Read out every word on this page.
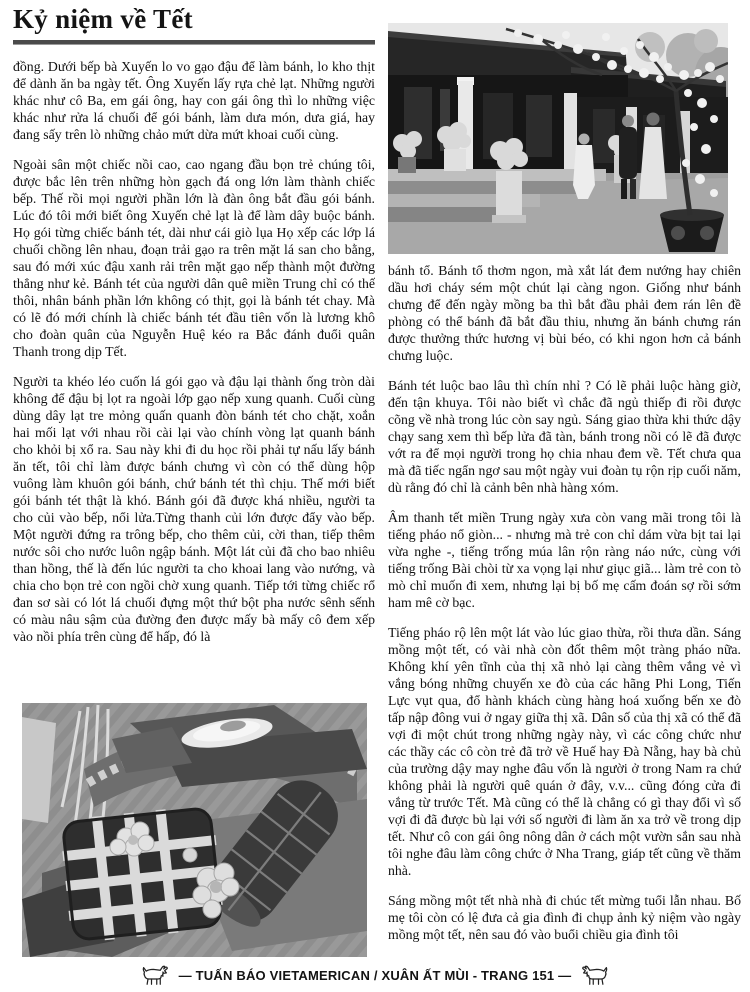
Kỷ niệm về Tết

đồng. Dưới bếp bà Xuyến lo vo gạo đậu để làm bánh, lo kho thịt để dành ăn ba ngày tết. Ông Xuyến lấy rựa chẻ lạt. Những người khác như cô Ba, em gái ông, hay con gái ông thì lo những việc khác như rửa lá chuối để gói bánh, làm dưa món, dưa giá, hay đang sấy trên lò những chảo mứt dừa mứt khoai cuối cùng.

Ngoài sân một chiếc nồi cao, cao ngang đầu bọn trẻ chúng tôi, được bắc lên trên những hòn gạch đá ong lớn làm thành chiếc bếp. Thế rồi mọi người phần lớn là đàn ông bắt đầu gói bánh. Lúc đó tôi mới biết ông Xuyến chẻ lạt là để làm dây buộc bánh. Họ gói từng chiếc bánh tét, dài như cái giò lụa Họ xếp các lớp lá chuối chồng lên nhau, đoạn trải gạo ra trên mặt lá san cho bằng, sau đó mới xúc đậu xanh rải trên mặt gạo nếp thành một đường thẳng như kẻ. Bánh tét của người dân quê miền Trung chỉ có thế thôi, nhân bánh phần lớn không có thịt, gọi là bánh tét chay. Mà có lẽ đó mới chính là chiếc bánh tét đầu tiên vốn là lương khô cho đoàn quân của Nguyễn Huệ kéo ra Bắc đánh đuổi quân Thanh trong dịp Tết.

Người ta khéo léo cuốn lá gói gạo và đậu lại thành ống tròn dài không để đậu bị lọt ra ngoài lớp gạo nếp xung quanh. Cuối cùng dùng dây lạt tre mỏng quấn quanh đòn bánh tét cho chặt, xoắn hai mối lạt với nhau rồi cài lại vào chính vòng lạt quanh bánh cho khỏi bị xổ ra. Sau này khi đi du học rồi phải tự nấu lấy bánh ăn tết, tôi chỉ làm được bánh chưng vì còn có thể dùng hộp vuông làm khuôn gói bánh, chứ bánh tét thì chịu. Thế mới biết gói bánh tét thật là khó. Bánh gói đã được khá nhiều, người ta cho củi vào bếp, nổi lửa.Từng thanh củi lớn được đẩy vào bếp. Một người đứng ra trông bếp, cho thêm củi, cời than, tiếp thêm nước sôi cho nước luôn ngập bánh. Một lát củi đã cho bao nhiêu than hồng, thế là đến lúc người ta cho khoai lang vào nướng, và chia cho bọn trẻ con ngồi chờ xung quanh. Tiếp tới từng chiếc rổ đan sơ sài có lót lá chuối đựng một thứ bột pha nước sênh sếnh có màu nâu sậm của đường đen được mấy bà mấy cô đem xếp vào nồi phía trên cùng để hấp, đó là

bánh tổ. Bánh tổ thơm ngon, mà xắt lát đem nướng hay chiên dầu hơi cháy sém một chút lại càng ngon. Giống như bánh chưng để đến ngày mồng ba thì bắt đầu phải đem rán lên đề phòng có thể bánh đã bắt đầu thiu, nhưng ăn bánh chưng rán được thưởng thức hương vị bùi béo, có khi ngon hơn cả bánh chưng luộc.

Bánh tét luộc bao lâu thì chín nhỉ ? Có lẽ phải luộc hàng giờ, đến tận khuya. Tôi nào biết vì chắc đã ngủ thiếp đi rồi được cõng về nhà trong lúc còn say ngủ. Sáng giao thừa khi thức dậy chạy sang xem thì bếp lửa đã tàn, bánh trong nồi có lẽ đã được vớt ra để mọi người trong họ chia nhau đem về. Tết chưa qua mà đã tiếc ngẩn ngơ sau một ngày vui đoàn tụ rộn rịp cuối năm, dù rằng đó chỉ là cảnh bên nhà hàng xóm.

Âm thanh tết miền Trung ngày xưa còn vang mãi trong tôi là tiếng pháo nổ giòn... - nhưng mà trẻ con chỉ dám vừa bịt tai lại vừa nghe -, tiếng trống múa lân rộn ràng náo nức, cùng với tiếng trống Bài chòi từ xa vọng lại như giục giã... làm trẻ con tò mò chỉ muốn đi xem, nhưng lại bị bố mẹ cấm đoán sợ rồi sớm ham mê cờ bạc.

Tiếng pháo rộ lên một lát vào lúc giao thừa, rồi thưa dần. Sáng mồng một tết, có vài nhà còn đốt thêm một tràng pháo nữa. Không khí yên tĩnh của thị xã nhỏ lại càng thêm vắng vẻ vì vắng bóng những chuyến xe đò của các hãng Phi Long, Tiến Lực vụt qua, đổ hành khách cùng hàng hoá xuống bến xe đò tấp nập đông vui ở ngay giữa thị xã. Dân số của thị xã có thể đã vợi đi một chút trong những ngày này, vì các công chức như các thầy các cô còn trẻ đã trở về Huế hay Đà Nẵng, hay bà chủ của trường dậy may nghe đâu vốn là người ở trong Nam ra chứ không phải là người quê quán ở đây, v.v... cũng đóng cửa đi vắng từ trước Tết. Mà cũng có thể là chẳng có gì thay đổi vì số vợi đi đã được bù lại với số người đi làm ăn xa trở về trong dịp tết. Như cô con gái ông nông dân ở cách một vườn sắn sau nhà tôi nghe đâu làm công chức ở Nha Trang, giáp tết cũng về thăm nhà.

Sáng mồng một tết nhà nhà đi chúc tết mừng tuổi lẫn nhau. Bố mẹ tôi còn có lệ đưa cả gia đình đi chụp ảnh kỷ niệm vào ngày mồng một tết, nên sau đó vào buổi chiều gia đình tôi

— TUẤN BÁO VIETAMERICAN / XUÂN ẤT MÙI - TRANG 151 —
